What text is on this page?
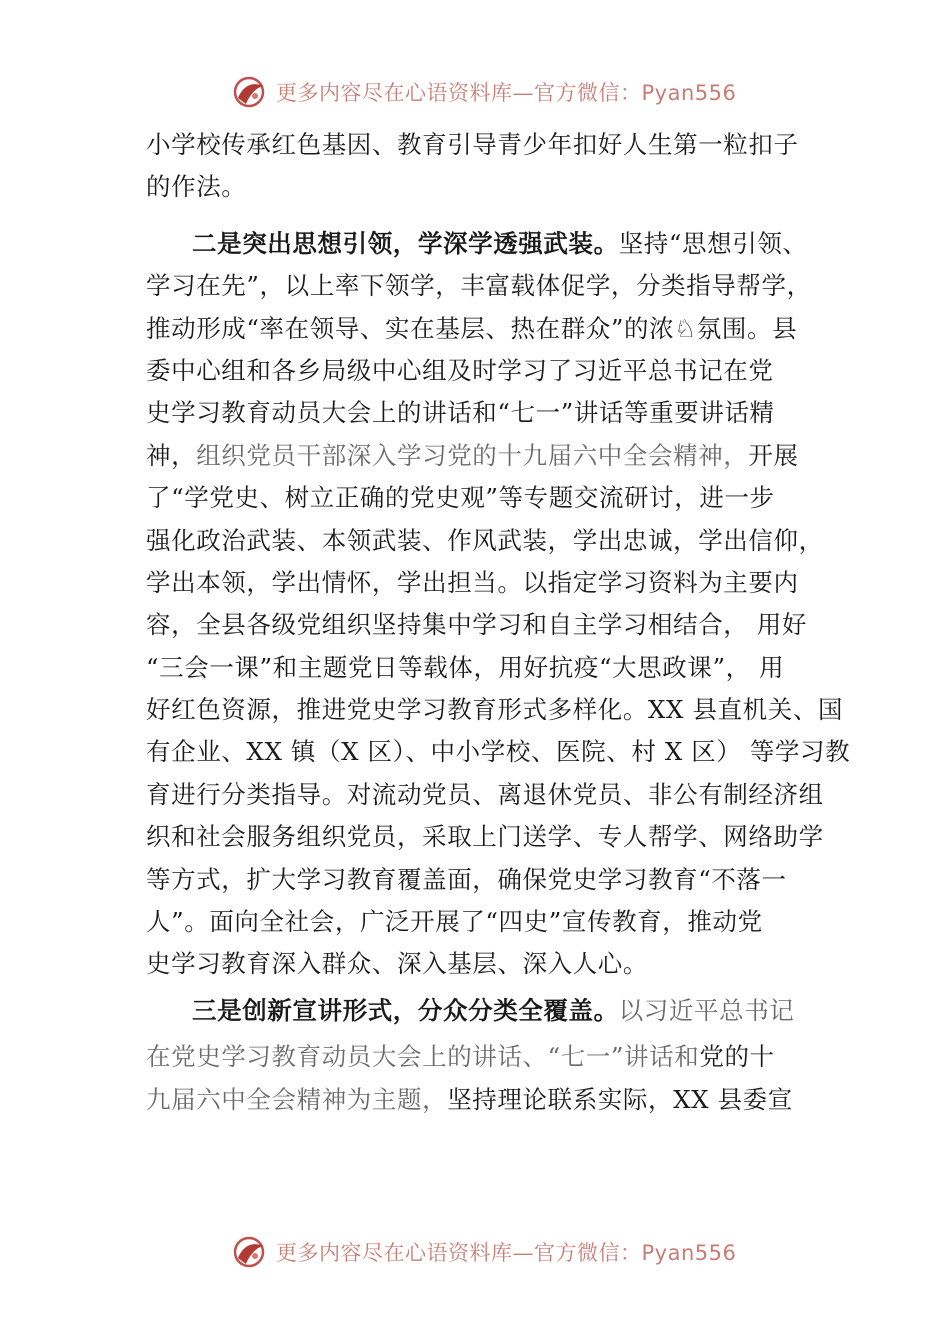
更多内容尽在心语资料库—官方微信：Pyan556
小学校传承红色基因、教育引导青少年扣好人生第一粒扣子
的作法。
二是突出思想引领，学深学透强武装。坚持“思想引领、
学习在先”，以上率下领学，丰富载体促学，分类指导帮学，
推动形成“率在领导、实在基层、热在群众”的浓♘氛围。县
委中心组和各乡局级中心组及时学习了习近平总书记在党
史学习教育动员大会上的讲话和“七一”讲话等重要讲话精
神，组织党员干部深入学习党的十九届六中全会精神，开展
了“学党史、树立正确的党史观”等专题交流研讨，进一步
强化政治武装、本领武装、作风武装，学出忠诚，学出信仰，
学出本领，学出情怀，学出担当。以指定学习资料为主要内
容，全县各级党组织坚持集中学习和自主学习相结合， 用好
“三会一课”和主题党日等载体，用好抗疫“大思政课”， 用
好红色资源，推进党史学习教育形式多样化。XX 县直机关、国
有企业、XX 镇（X 区）、中小学校、医院、村 X 区） 等学习教
育进行分类指导。对流动党员、离退休党员、非公有制经济组
织和社会服务组织党员，采取上门送学、专人帮学、网络助学
等方式，扩大学习教育覆盖面，确保党史学习教育“不落一
人”。面向全社会，广泛开展了“四史”宣传教育，推动党
史学习教育深入群众、深入基层、深入人心。
三是创新宣讲形式，分众分类全覆盖。以习近平总书记
在党史学习教育动员大会上的讲话、“七一”讲话和党的十
九届六中全会精神为主题，坚持理论联系实际，XX 县委宣
更多内容尽在心语资料库—官方微信：Pyan556
